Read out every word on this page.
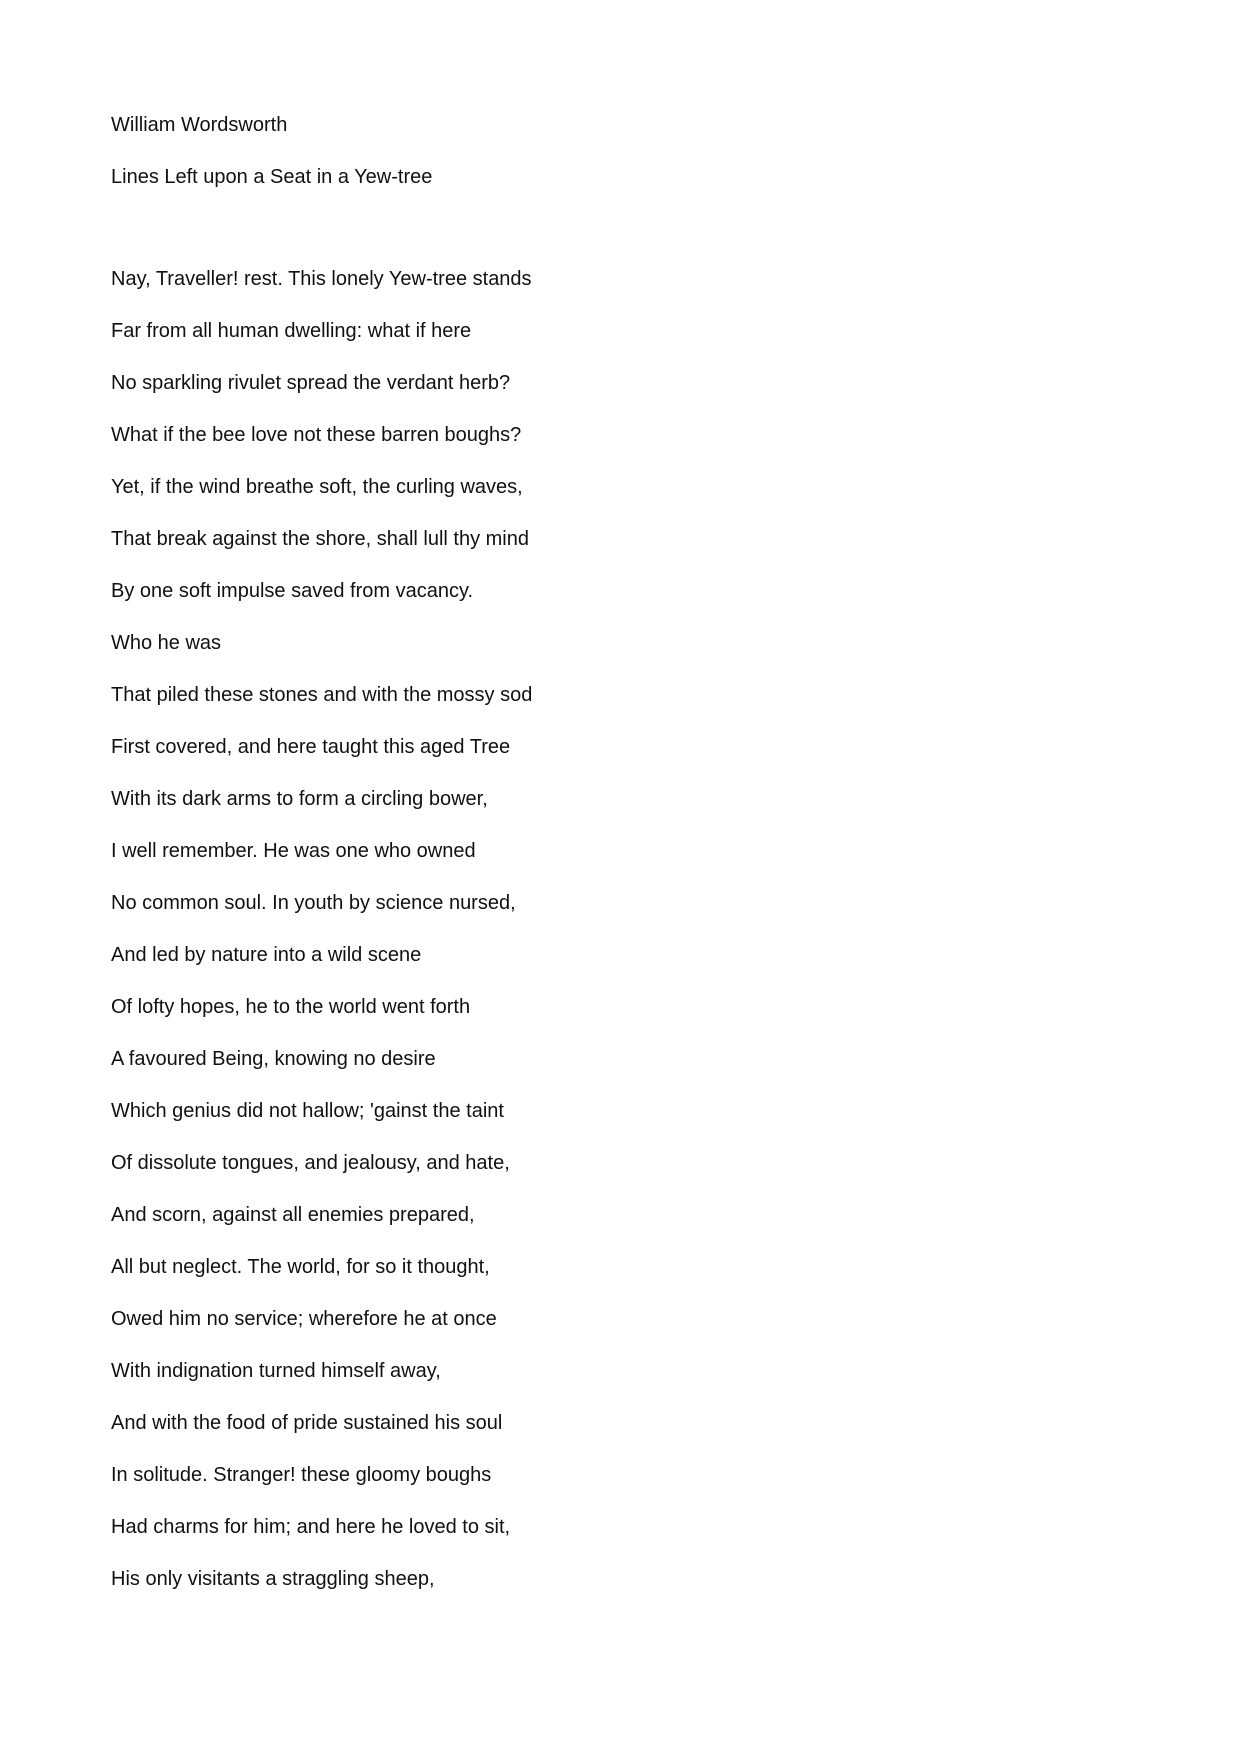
William Wordsworth
Lines Left upon a Seat in a Yew-tree
Nay, Traveller! rest. This lonely Yew-tree stands
Far from all human dwelling: what if here
No sparkling rivulet spread the verdant herb?
What if the bee love not these barren boughs?
Yet, if the wind breathe soft, the curling waves,
That break against the shore, shall lull thy mind
By one soft impulse saved from vacancy.
Who he was
That piled these stones and with the mossy sod
First covered, and here taught this aged Tree
With its dark arms to form a circling bower,
I well remember. He was one who owned
No common soul. In youth by science nursed,
And led by nature into a wild scene
Of lofty hopes, he to the world went forth
A favoured Being, knowing no desire
Which genius did not hallow; 'gainst the taint
Of dissolute tongues, and jealousy, and hate,
And scorn, against all enemies prepared,
All but neglect. The world, for so it thought,
Owed him no service; wherefore he at once
With indignation turned himself away,
And with the food of pride sustained his soul
In solitude. Stranger! these gloomy boughs
Had charms for him; and here he loved to sit,
His only visitants a straggling sheep,
